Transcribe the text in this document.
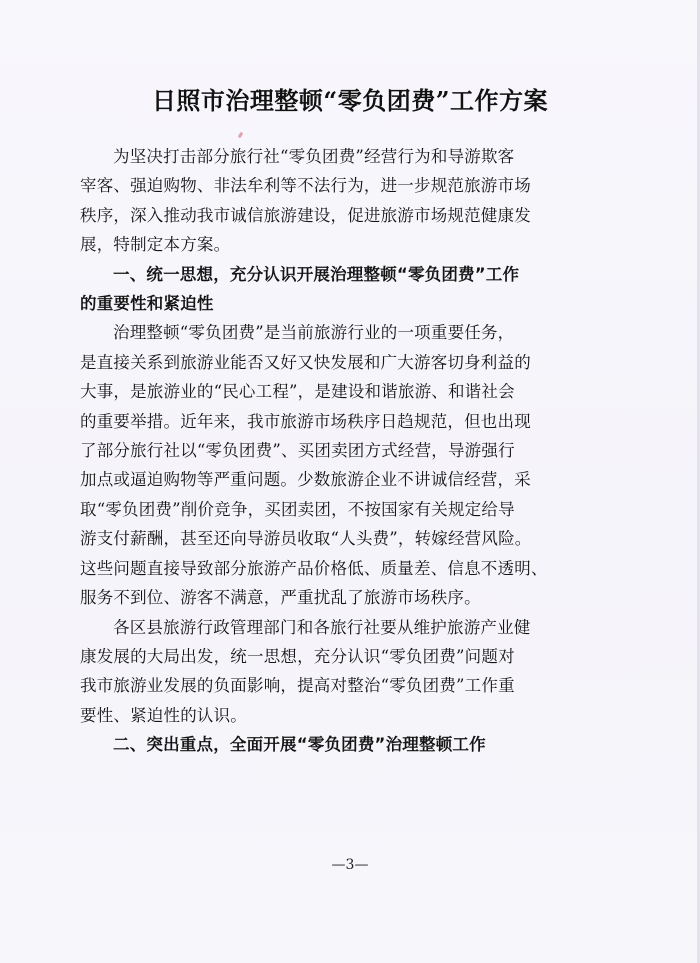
日照市治理整顿“零负团费”工作方案

为坚决打击部分旅行社“零负团费”经营行为和导游欺客
宰客、强迫购物、非法牟利等不法行为，进一步规范旅游市场
秩序，深入推动我市诚信旅游建设，促进旅游市场规范健康发
展，特制定本方案。

一、统一思想，充分认识开展治理整顿“零负团费”工作
的重要性和紧迫性

治理整顿“零负团费”是当前旅游行业的一项重要任务，
是直接关系到旅游业能否又好又快发展和广大游客切身利益的
大事，是旅游业的“民心工程”，是建设和谐旅游、和谐社会
的重要举措。近年来，我市旅游市场秩序日趋规范，但也出现
了部分旅行社以“零负团费”、买团卖团方式经营，导游强行
加点或逼迫购物等严重问题。少数旅游企业不讲诚信经营，采
取“零负团费”削价竞争，买团卖团，不按国家有关规定给导
游支付薪酬，甚至还向导游员收取“人头费”，转嫁经营风险。
这些问题直接导致部分旅游产品价格低、质量差、信息不透明、
服务不到位、游客不满意，严重扰乱了旅游市场秩序。

各区县旅游行政管理部门和各旅行社要从维护旅游产业健
康发展的大局出发，统一思想，充分认识“零负团费”问题对
我市旅游业发展的负面影响，提高对整治“零负团费”工作重
要性、紧迫性的认识。

二、突出重点，全面开展“零负团费”治理整顿工作

—3—
